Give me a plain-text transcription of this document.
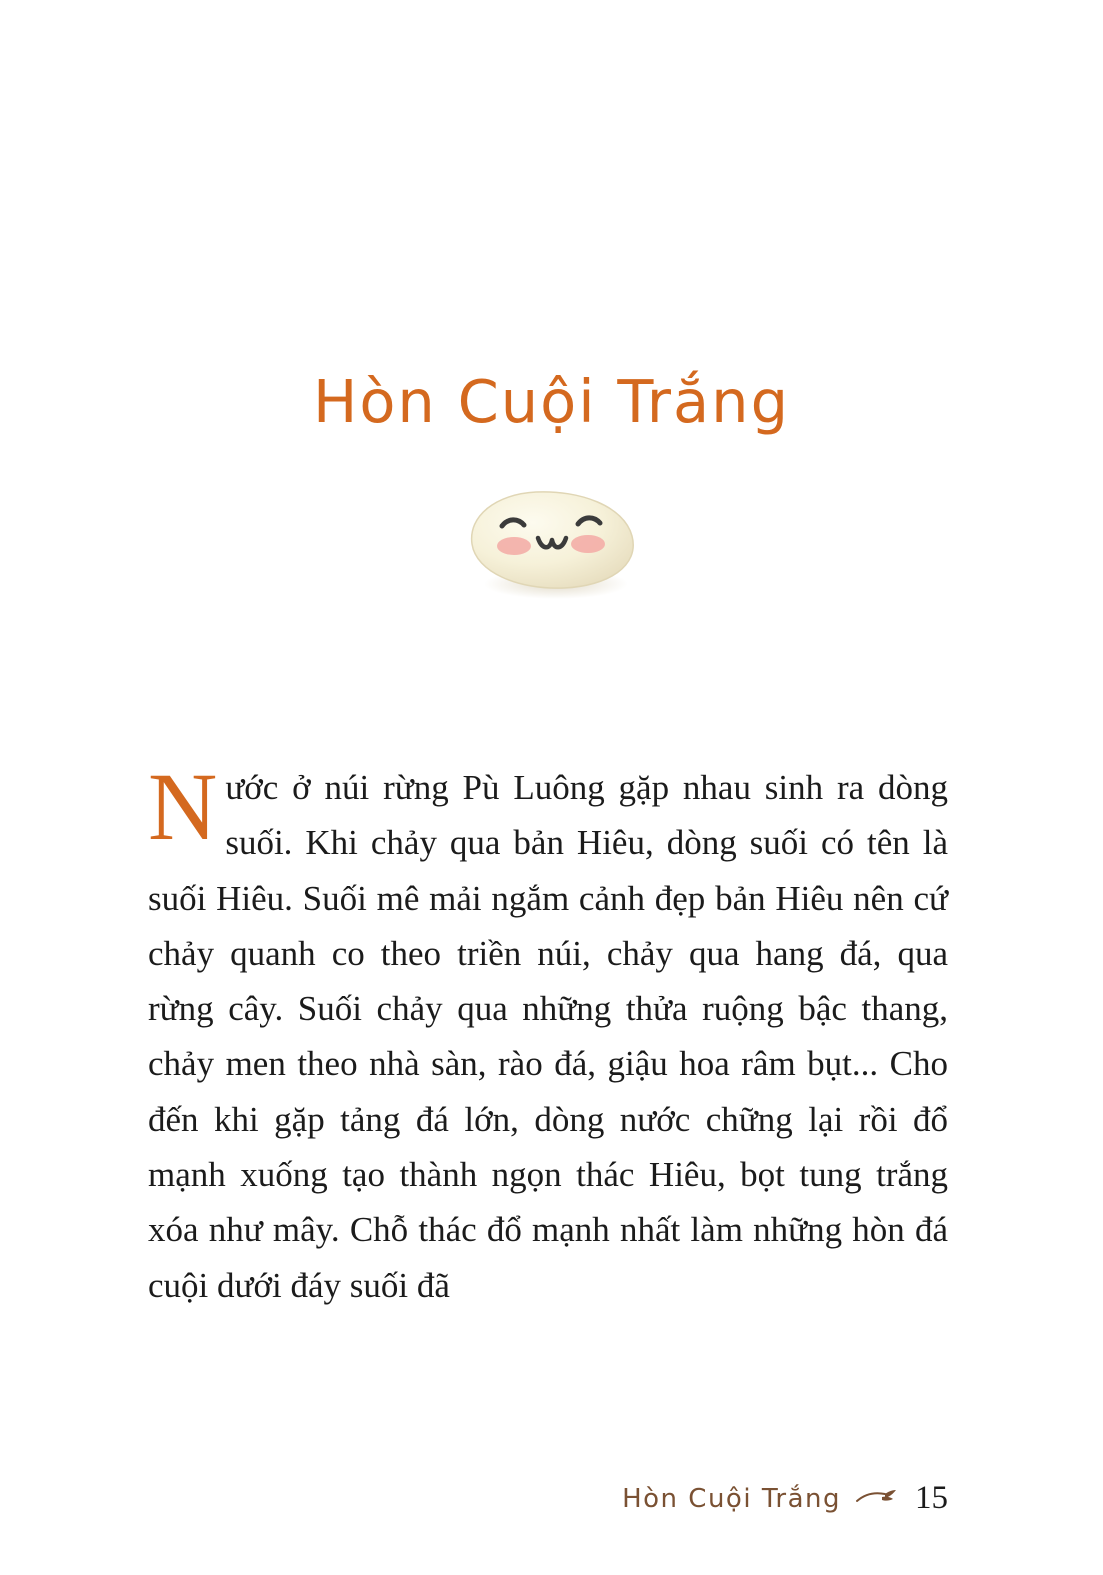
Hòn Cuội Trắng
Nước ở núi rừng Pù Luông gặp nhau sinh ra dòng suối. Khi chảy qua bản Hiêu, dòng suối có tên là suối Hiêu. Suối mê mải ngắm cảnh đẹp bản Hiêu nên cứ chảy quanh co theo triền núi, chảy qua hang đá, qua rừng cây. Suối chảy qua những thửa ruộng bậc thang, chảy men theo nhà sàn, rào đá, giậu hoa râm bụt... Cho đến khi gặp tảng đá lớn, dòng nước chững lại rồi đổ mạnh xuống tạo thành ngọn thác Hiêu, bọt tung trắng xóa như mây. Chỗ thác đổ mạnh nhất làm những hòn đá cuội dưới đáy suối đã
Hòn Cuội Trắng 15
